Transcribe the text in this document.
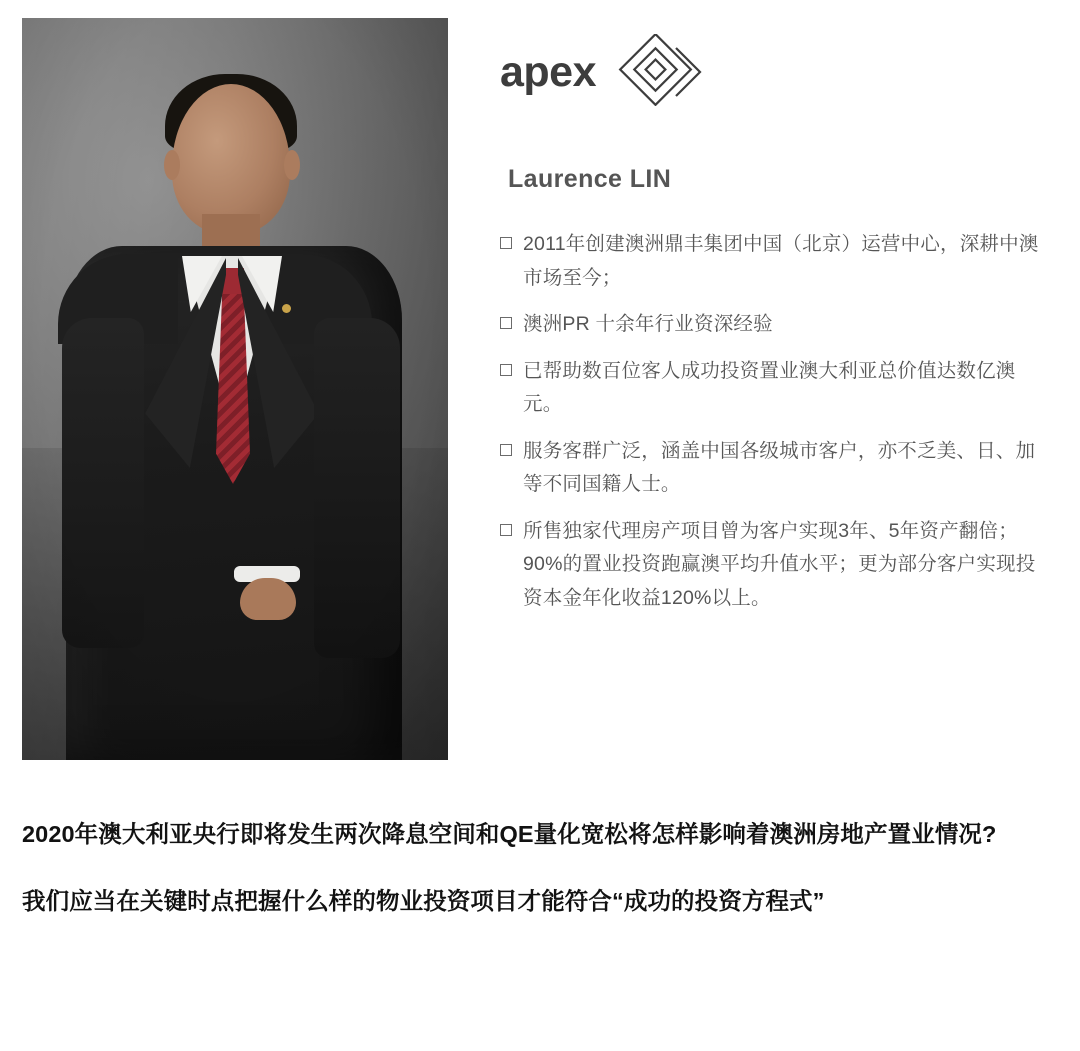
apex
Laurence LIN
2011年创建澳洲鼎丰集团中国（北京）运营中心，深耕中澳市场至今；
澳洲PR 十余年行业资深经验
已帮助数百位客人成功投资置业澳大利亚总价值达数亿澳元。
服务客群广泛，涵盖中国各级城市客户，亦不乏美、日、加等不同国籍人士。
所售独家代理房产项目曾为客户实现3年、5年资产翻倍；90%的置业投资跑赢澳平均升值水平；更为部分客户实现投资本金年化收益120%以上。
2020年澳大利亚央行即将发生两次降息空间和QE量化宽松将怎样影响着澳洲房地产置业情况?
我们应当在关键时点把握什么样的物业投资项目才能符合“成功的投资方程式”
